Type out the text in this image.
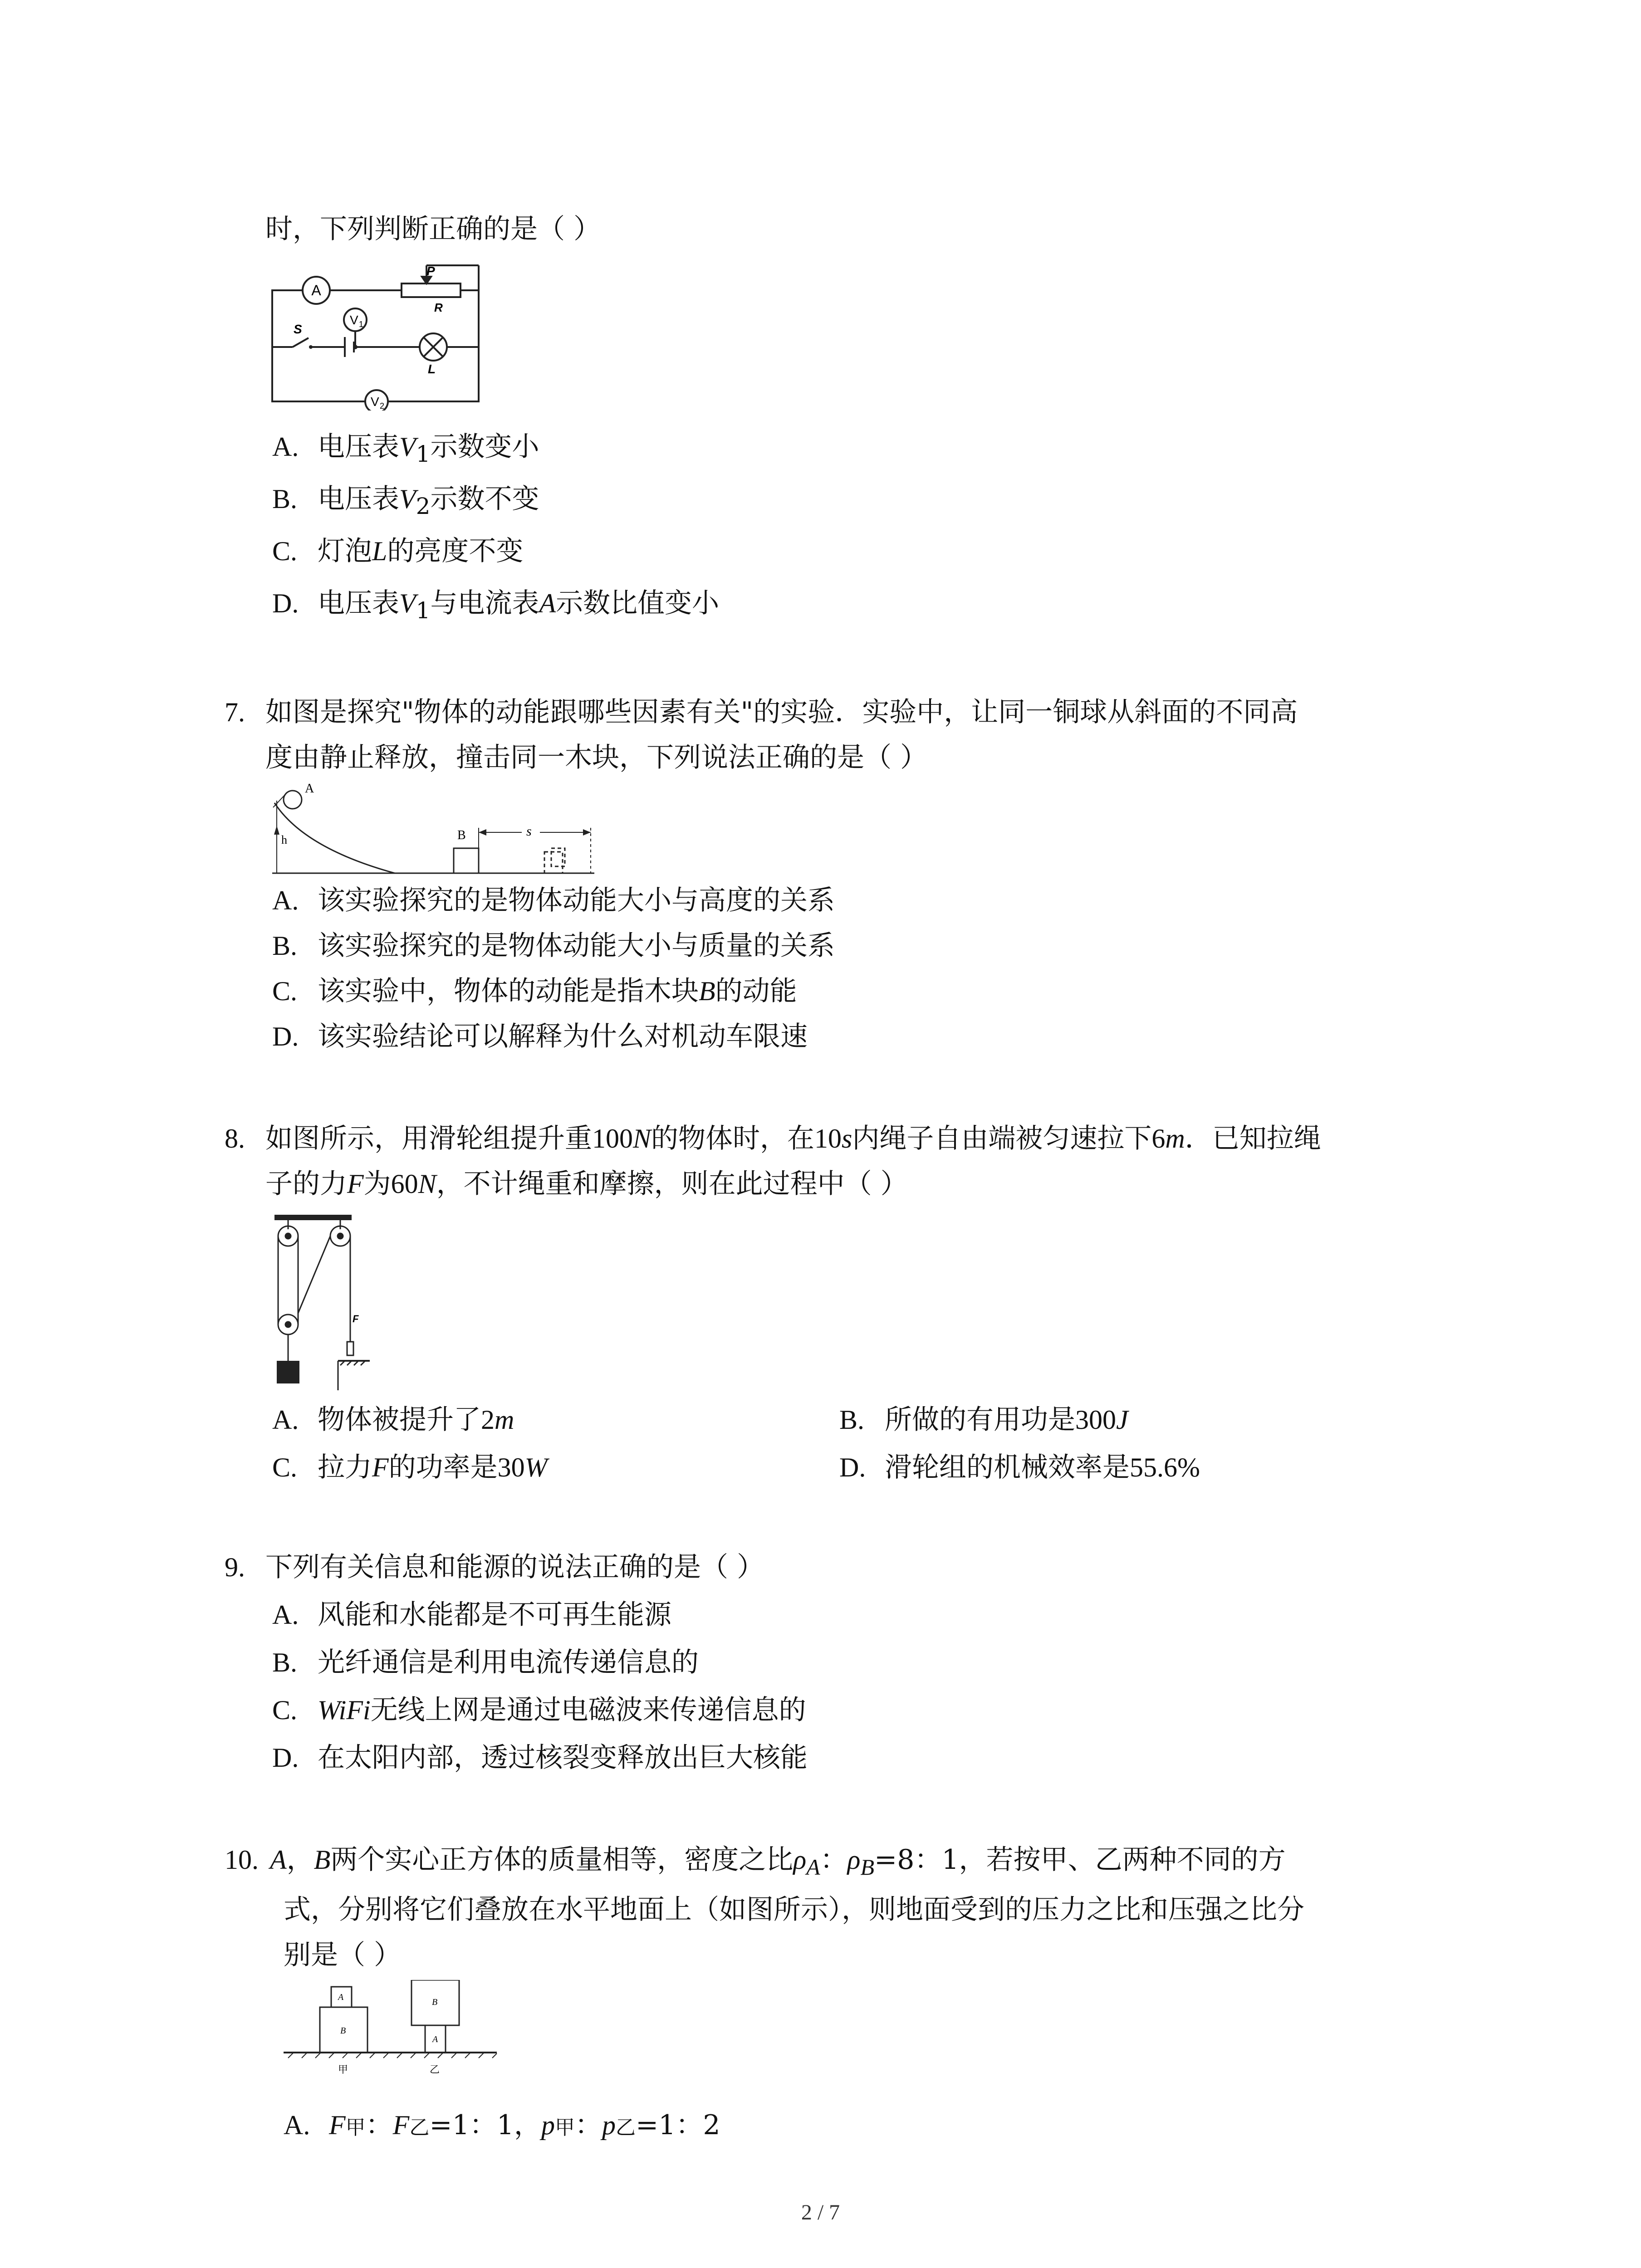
时，下列判断正确的是（ ）
A
P
R
V 1
S
L
V 2
A. 电压表$V_1$示数变小
B. 电压表$V_2$示数不变
C. 灯泡L的亮度不变
D. 电压表$V_1$与电流表A示数比值变小
7. 如图是探究"物体的动能跟哪些因素有关"的实验．实验中，让同一铜球从斜面的不同高
度由静止释放，撞击同一木块，下列说法正确的是（ ）
A
h	B	s
A. 该实验探究的是物体动能大小与高度的关系
B. 该实验探究的是物体动能大小与质量的关系
C. 该实验中，物体的动能是指木块B的动能
D. 该实验结论可以解释为什么对机动车限速
8. 如图所示，用滑轮组提升重100N的物体时，在10s内绳子自由端被匀速拉下6m．已知拉绳
子的力F为60N，不计绳重和摩擦，则在此过程中（ ）
F
A. 物体被提升了2m	B. 所做的有用功是300J
C. 拉力F的功率是30W	D. 滑轮组的机械效率是55.6%
9. 下列有关信息和能源的说法正确的是（ ）
A. 风能和水能都是不可再生能源
B. 光纤通信是利用电流传递信息的
C. WiFi无线上网是通过电磁波来传递信息的
D. 在太阳内部，透过核裂变释放出巨大核能
10. A，B两个实心正方体的质量相等，密度之比$\rho_A$：$\rho_B=8$：1，若按甲、乙两种不同的方
式，分别将它们叠放在水平地面上（如图所示），则地面受到的压力之比和压强之比分
别是（ ）
A
B
B
A
甲	乙
A. F甲：F乙=1：1，p甲：p乙=1：2
2 / 7
